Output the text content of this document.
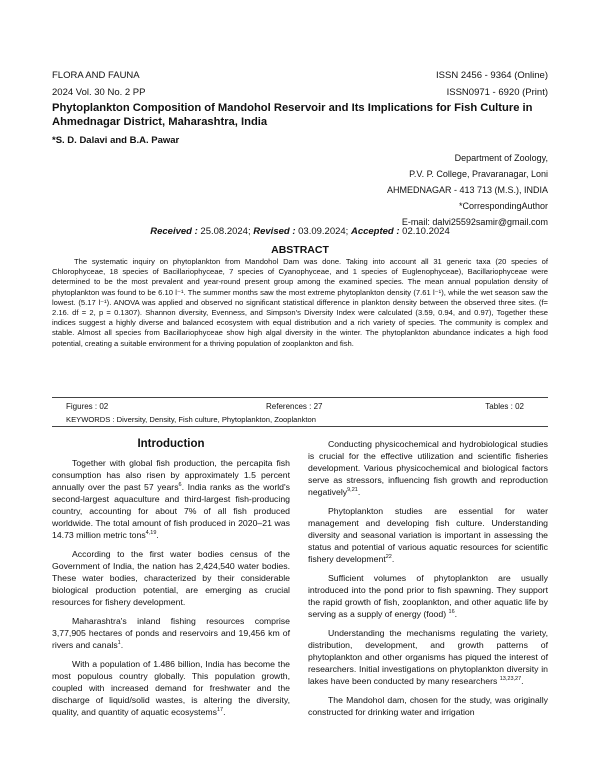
FLORA AND FAUNA	ISSN 2456 - 9364 (Online)
2024 Vol. 30 No. 2 PP	ISSN0971 - 6920 (Print)
Phytoplankton Composition of Mandohol Reservoir and Its Implications for Fish Culture in Ahmednagar District, Maharashtra, India
*S. D. Dalavi and B.A. Pawar
Department of Zoology,
P.V. P. College, Pravaranagar, Loni
AHMEDNAGAR - 413 713 (M.S.), INDIA
*CorrespondingAuthor
E-mail: dalvi25592samir@gmail.com
Received : 25.08.2024; Revised : 03.09.2024; Accepted : 02.10.2024
ABSTRACT

The systematic inquiry on phytoplankton from Mandohol Dam was done. Taking into account all 31 generic taxa (20 species of Chlorophyceae, 18 species of Bacillariophyceae, 7 species of Cyanophyceae, and 1 species of Euglenophyceae), Bacillariophyceae were determined to be the most prevalent and year-round present group among the examined species. The mean annual population density of phytoplankton was found to be 6.10 l⁻¹. The summer months saw the most extreme phytoplankton density (7.61 l⁻¹), while the wet season saw the lowest. (5.17 l⁻¹). ANOVA was applied and observed no significant statistical difference in plankton density between the observed three sites. (f= 2.16. df = 2, p = 0.1307). Shannon diversity, Evenness, and Simpson's Diversity Index were calculated (3.59, 0.94, and 0.97), Together these indices suggest a highly diverse and balanced ecosystem with equal distribution and a rich variety of species. The community is complex and stable. Almost all species from Bacillariophyceae show high algal diversity in the winter. The phytoplankton abundance indicates a high food potential, creating a suitable environment for a thriving population of zooplankton and fish.

Figures : 02	References : 27	Tables : 02
KEYWORDS : Diversity, Density, Fish culture, Phytoplankton, Zooplankton
Introduction

Together with global fish production, the percapita fish consumption has also risen by approximately 1.5 percent annually over the past 57 years$^6$. India ranks as the world's second-largest aquaculture and third-largest fish-producing country, accounting for about 7% of all fish produced worldwide. The total amount of fish produced in 2020–21 was 14.73 million metric tons$^{4,19}$.

According to the first water bodies census of the Government of India, the nation has 2,424,540 water bodies. These water bodies, characterized by their considerable biological production potential, are emerging as crucial resources for fishery development.

Maharashtra's inland fishing resources comprise 3,77,905 hectares of ponds and reservoirs and 19,456 km of rivers and canals$^1$.

With a population of 1.486 billion, India has become the most populous country globally. This population growth, coupled with increased demand for freshwater and the discharge of liquid/solid wastes, is altering the diversity, quality, and quantity of aquatic ecosystems$^{17}$.

Conducting physicochemical and hydrobiological studies is crucial for the effective utilization and scientific fisheries development. Various physicochemical and biological factors serve as stressors, influencing fish growth and reproduction negatively$^{9,21}$.

Phytoplankton studies are essential for water management and developing fish culture. Understanding diversity and seasonal variation is important in assessing the status and potential of various aquatic resources for scientific fishery development$^{22}$.

Sufficient volumes of phytoplankton are usually introduced into the pond prior to fish spawning. They support the rapid growth of fish, zooplankton, and other aquatic life by serving as a supply of energy (food) $^{16}$.

Understanding the mechanisms regulating the variety, distribution, development, and growth patterns of phytoplankton and other organisms has piqued the interest of researchers. Initial investigations on phytoplankton diversity in lakes have been conducted by many researchers $^{13,23,27}$.

The Mandohol dam, chosen for the study, was originally constructed for drinking water and irrigation
